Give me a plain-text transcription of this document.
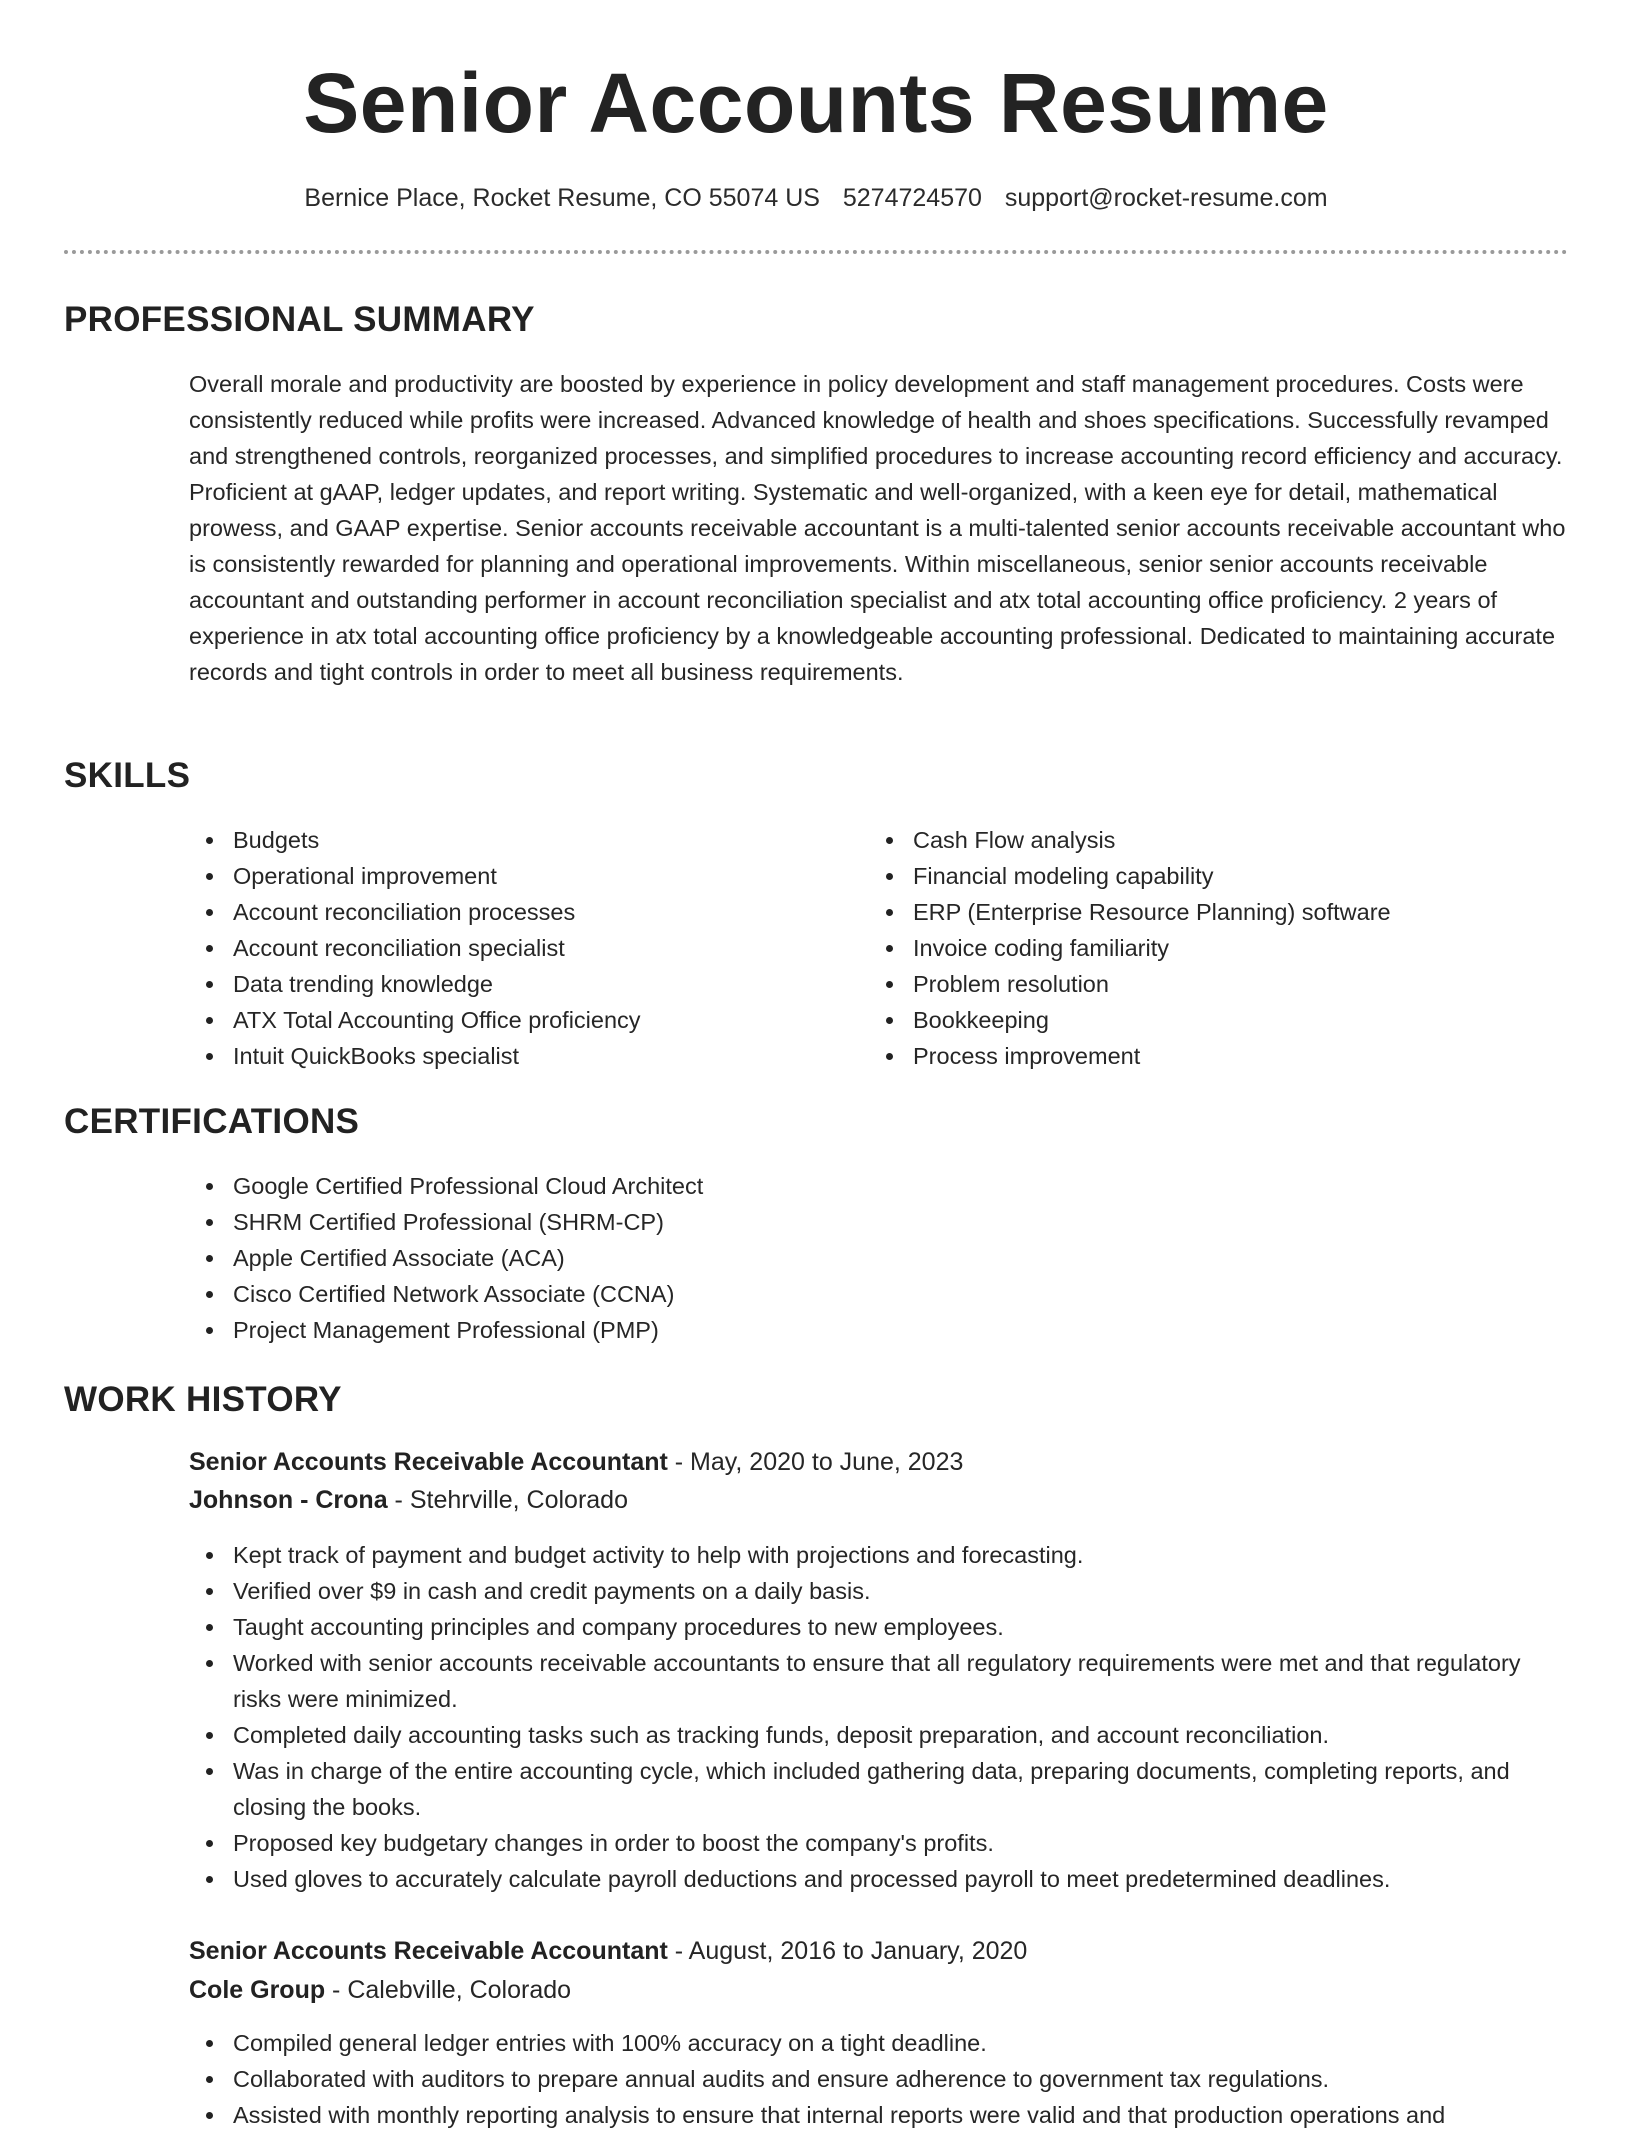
Senior Accounts Resume
Bernice Place, Rocket Resume, CO 55074 US 5274724570 support@rocket-resume.com
PROFESSIONAL SUMMARY

Overall morale and productivity are boosted by experience in policy development and staff management procedures. Costs were consistently reduced while profits were increased. Advanced knowledge of health and shoes specifications. Successfully revamped and strengthened controls, reorganized processes, and simplified procedures to increase accounting record efficiency and accuracy. Proficient at gAAP, ledger updates, and report writing. Systematic and well-organized, with a keen eye for detail, mathematical prowess, and GAAP expertise. Senior accounts receivable accountant is a multi-talented senior accounts receivable accountant who is consistently rewarded for planning and operational improvements. Within miscellaneous, senior senior accounts receivable accountant and outstanding performer in account reconciliation specialist and atx total accounting office proficiency. 2 years of experience in atx total accounting office proficiency by a knowledgeable accounting professional. Dedicated to maintaining accurate records and tight controls in order to meet all business requirements.

SKILLS
Budgets
Operational improvement
Account reconciliation processes
Account reconciliation specialist
Data trending knowledge
ATX Total Accounting Office proficiency
Intuit QuickBooks specialist
Cash Flow analysis
Financial modeling capability
ERP (Enterprise Resource Planning) software
Invoice coding familiarity
Problem resolution
Bookkeeping
Process improvement
CERTIFICATIONS
Google Certified Professional Cloud Architect
SHRM Certified Professional (SHRM-CP)
Apple Certified Associate (ACA)
Cisco Certified Network Associate (CCNA)
Project Management Professional (PMP)
WORK HISTORY
Senior Accounts Receivable Accountant - May, 2020 to June, 2023
Johnson - Crona - Stehrville, Colorado
Kept track of payment and budget activity to help with projections and forecasting.
Verified over $9 in cash and credit payments on a daily basis.
Taught accounting principles and company procedures to new employees.
Worked with senior accounts receivable accountants to ensure that all regulatory requirements were met and that regulatory risks were minimized.
Completed daily accounting tasks such as tracking funds, deposit preparation, and account reconciliation.
Was in charge of the entire accounting cycle, which included gathering data, preparing documents, completing reports, and closing the books.
Proposed key budgetary changes in order to boost the company's profits.
Used gloves to accurately calculate payroll deductions and processed payroll to meet predetermined deadlines.
Senior Accounts Receivable Accountant - August, 2016 to January, 2020
Cole Group - Calebville, Colorado
Compiled general ledger entries with 100% accuracy on a tight deadline.
Collaborated with auditors to prepare annual audits and ensure adherence to government tax regulations.
Assisted with monthly reporting analysis to ensure that internal reports were valid and that production operations and
